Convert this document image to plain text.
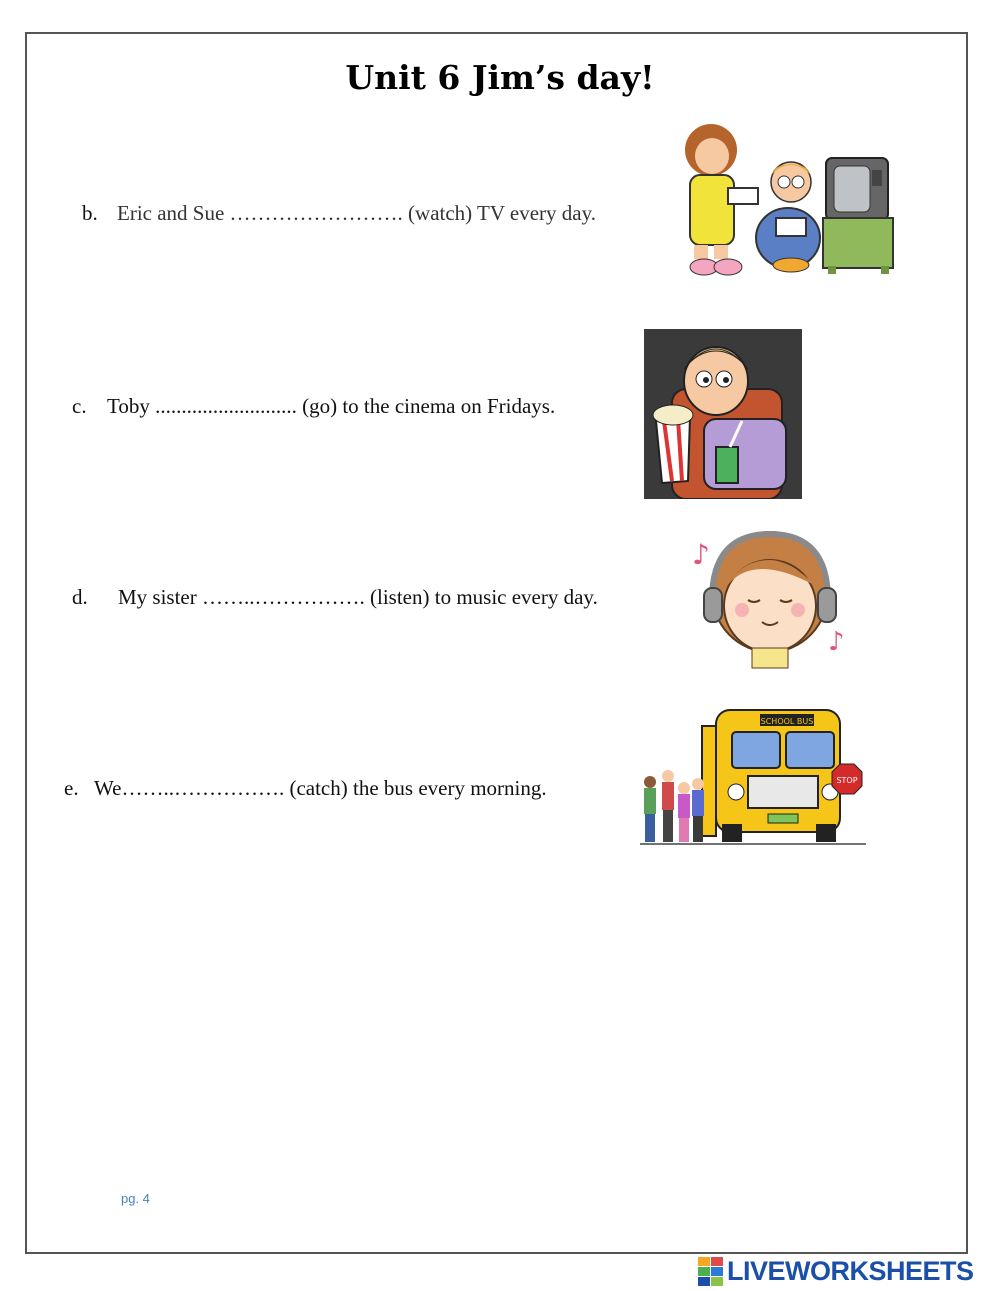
Unit 6 Jim’s day!
b. Eric and Sue ……………………. (watch) TV every day.
c. Toby ........................... (go) to the cinema on Fridays.
d. My sister ……..……………. (listen) to music every day.
e. We……..……………. (catch) the bus every morning.
♪
♪
SCHOOL BUS
STOP
pg. 4
LIVEWORKSHEETS
